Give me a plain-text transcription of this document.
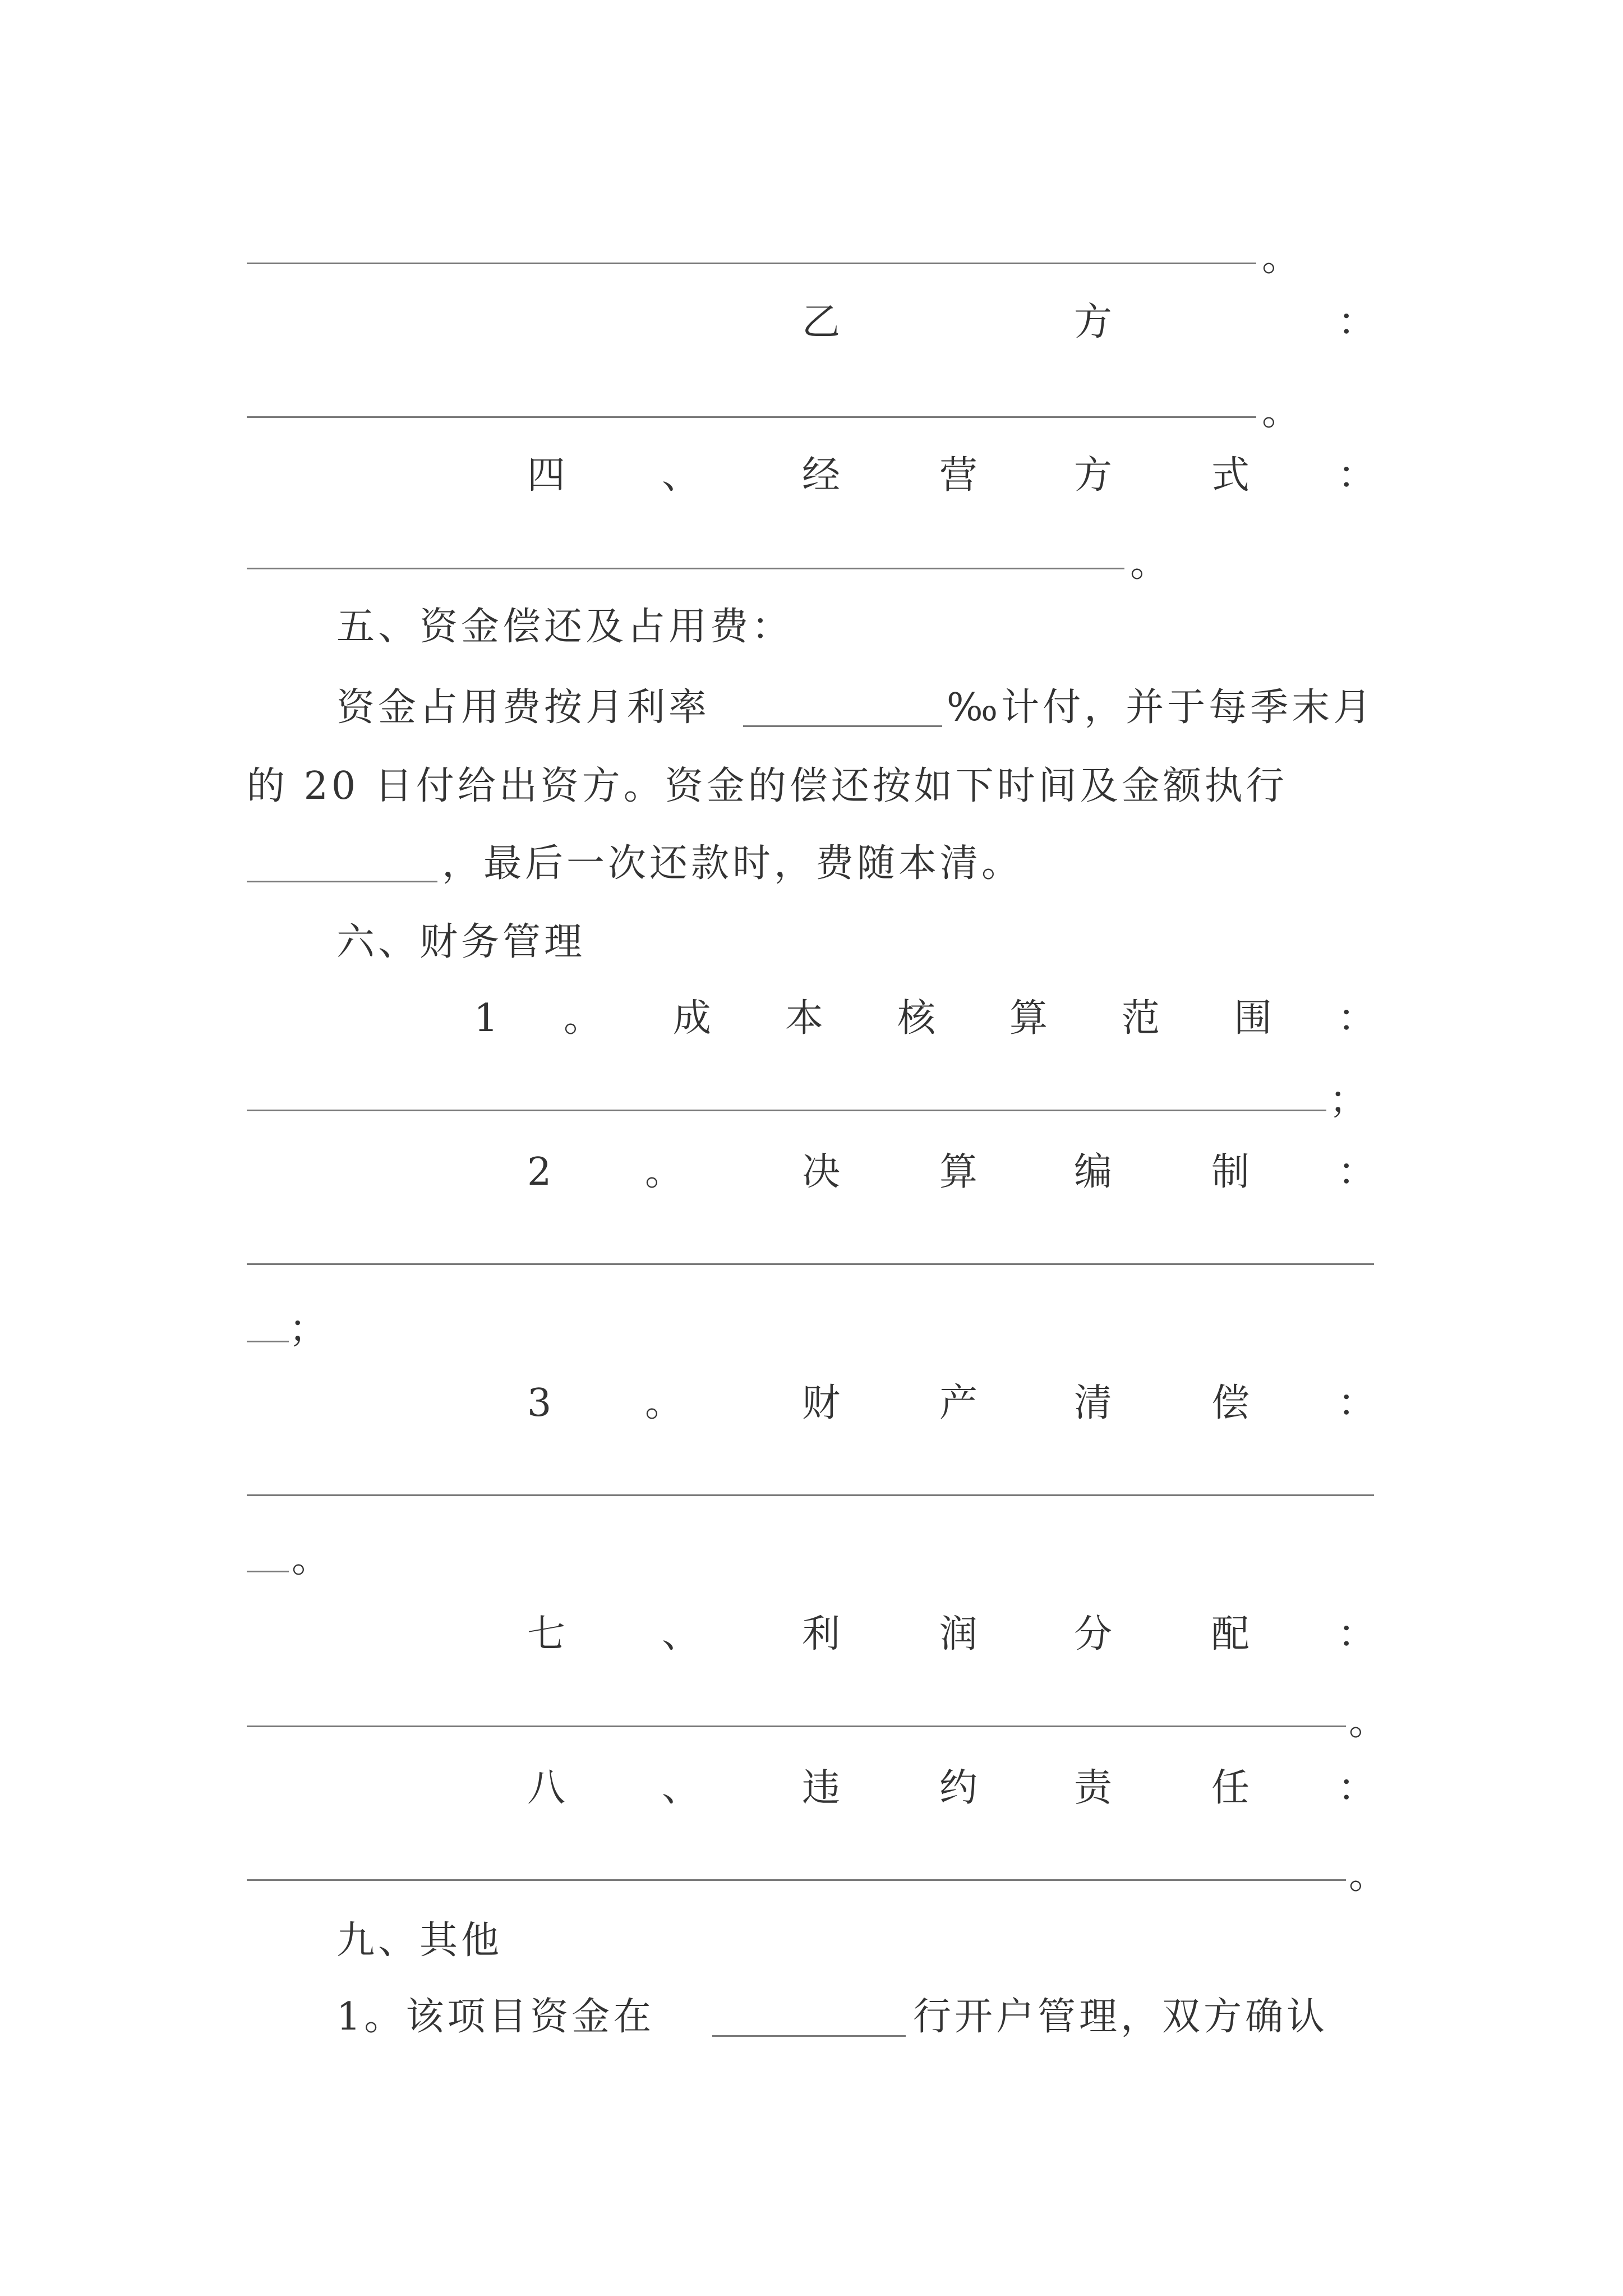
。
乙	方	：
。
四	、	经	营	方	式 ：
。
五、资金偿还及占用费：
资金占用费按月利率	‰计付，并于每季末月
的 20 日付给出资方。资金的偿还按如下时间及金额执行
，最后一次还款时，费随本清。
六、财务管理
1 。 成 本 核 算 范 围 ：
；
2 。	决	算	编	制 ：
；
3 。	财	产	清	偿 ：
。
七	、	利	润	分	配 ：
。
八	、	违	约	责	任 ：
。
九、其他
1。该项目资金在	行开户管理，双方确认
